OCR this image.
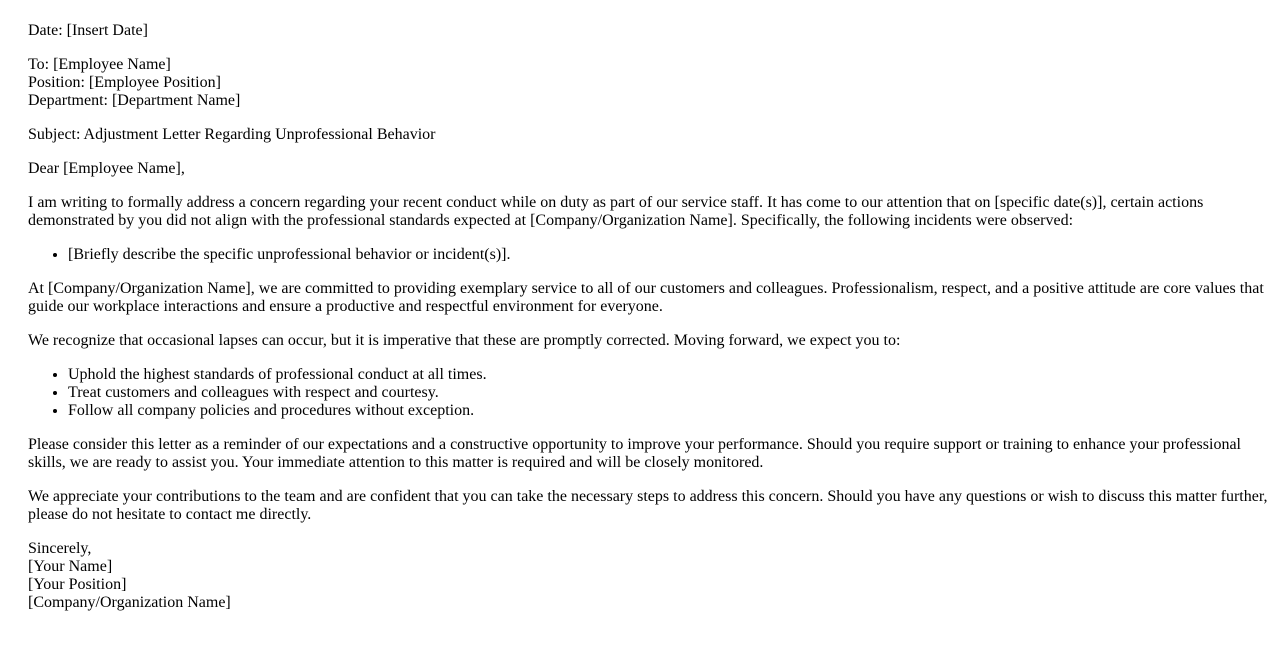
Date: [Insert Date]

To: [Employee Name]
Position: [Employee Position]
Department: [Department Name]

Subject: Adjustment Letter Regarding Unprofessional Behavior

Dear [Employee Name],

I am writing to formally address a concern regarding your recent conduct while on duty as part of our service staff. It has come to our attention that on [specific date(s)], certain actions demonstrated by you did not align with the professional standards expected at [Company/Organization Name]. Specifically, the following incidents were observed:

• [Briefly describe the specific unprofessional behavior or incident(s)].

At [Company/Organization Name], we are committed to providing exemplary service to all of our customers and colleagues. Professionalism, respect, and a positive attitude are core values that guide our workplace interactions and ensure a productive and respectful environment for everyone.

We recognize that occasional lapses can occur, but it is imperative that these are promptly corrected. Moving forward, we expect you to:

• Uphold the highest standards of professional conduct at all times.
• Treat customers and colleagues with respect and courtesy.
• Follow all company policies and procedures without exception.

Please consider this letter as a reminder of our expectations and a constructive opportunity to improve your performance. Should you require support or training to enhance your professional skills, we are ready to assist you. Your immediate attention to this matter is required and will be closely monitored.

We appreciate your contributions to the team and are confident that you can take the necessary steps to address this concern. Should you have any questions or wish to discuss this matter further, please do not hesitate to contact me directly.

Sincerely,
[Your Name]
[Your Position]
[Company/Organization Name]
